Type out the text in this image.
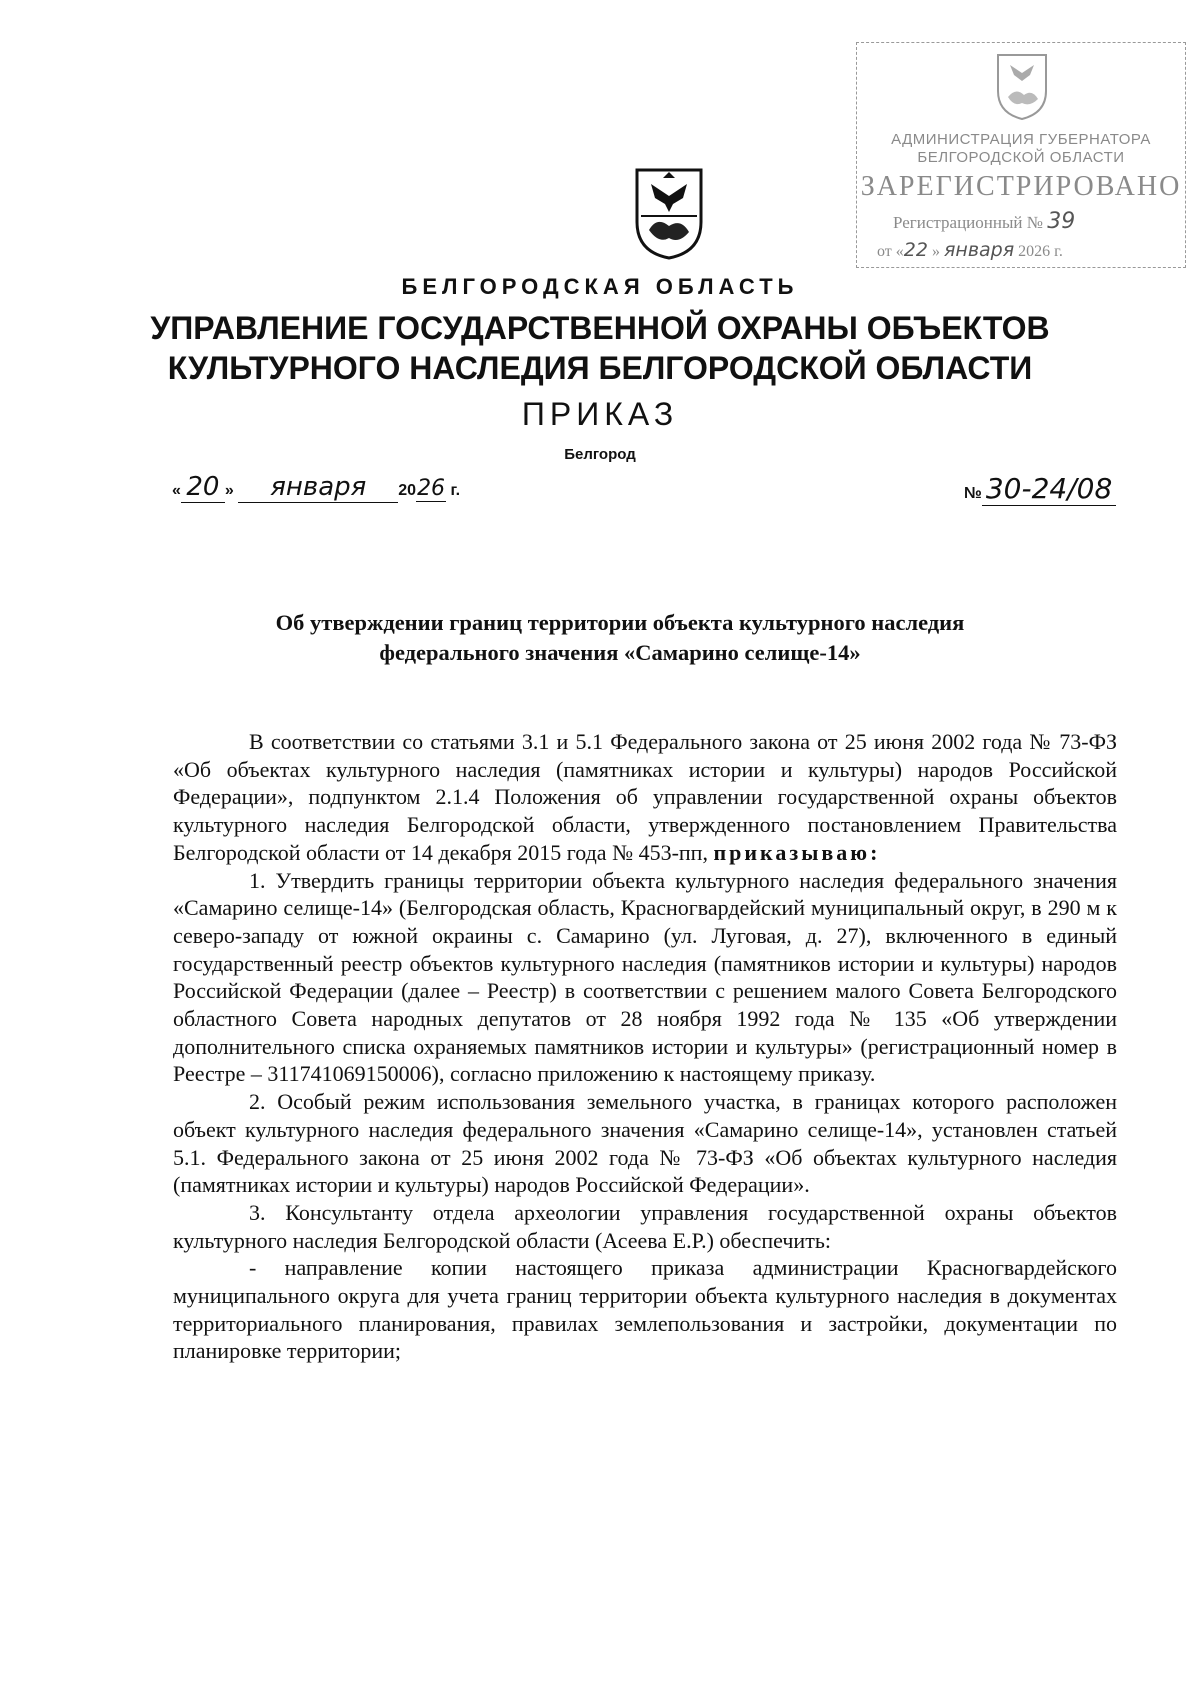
АДМИНИСТРАЦИЯ ГУБЕРНАТОРА
БЕЛГОРОДСКОЙ ОБЛАСТИ
ЗАРЕГИСТРИРОВАНО
Регистрационный № 39
от «22 » января 2026 г.
БЕЛГОРОДСКАЯ ОБЛАСТЬ
УПРАВЛЕНИЕ ГОСУДАРСТВЕННОЙ ОХРАНЫ ОБЪЕКТОВ
КУЛЬТУРНОГО НАСЛЕДИЯ БЕЛГОРОДСКОЙ ОБЛАСТИ
ПРИКАЗ
Белгород
« 20 » января 2026 г.	№ 30-24/08
Об утверждении границ территории объекта культурного наследия
федерального значения «Самарино селище-14»

В соответствии со статьями 3.1 и 5.1 Федерального закона от 25 июня 2002 года № 73-ФЗ «Об объектах культурного наследия (памятниках истории и культуры) народов Российской Федерации», подпунктом 2.1.4 Положения об управлении государственной охраны объектов культурного наследия Белгородской области, утвержденного постановлением Правительства Белгородской области от 14 декабря 2015 года № 453-пп, приказываю:

1. Утвердить границы территории объекта культурного наследия федерального значения «Самарино селище-14» (Белгородская область, Красногвардейский муниципальный округ, в 290 м к северо-западу от южной окраины с. Самарино (ул. Луговая, д. 27), включенного в единый государственный реестр объектов культурного наследия (памятников истории и культуры) народов Российской Федерации (далее – Реестр) в соответствии с решением малого Совета Белгородского областного Совета народных депутатов от 28 ноября 1992 года № 135 «Об утверждении дополнительного списка охраняемых памятников истории и культуры» (регистрационный номер в Реестре – 311741069150006), согласно приложению к настоящему приказу.

2. Особый режим использования земельного участка, в границах которого расположен объект культурного наследия федерального значения «Самарино селище-14», установлен статьей 5.1. Федерального закона от 25 июня 2002 года № 73-ФЗ «Об объектах культурного наследия (памятниках истории и культуры) народов Российской Федерации».

3. Консультанту отдела археологии управления государственной охраны объектов культурного наследия Белгородской области (Асеева Е.Р.) обеспечить:

- направление копии настоящего приказа администрации Красногвардейского муниципального округа для учета границ территории объекта культурного наследия в документах территориального планирования, правилах землепользования и застройки, документации по планировке территории;
